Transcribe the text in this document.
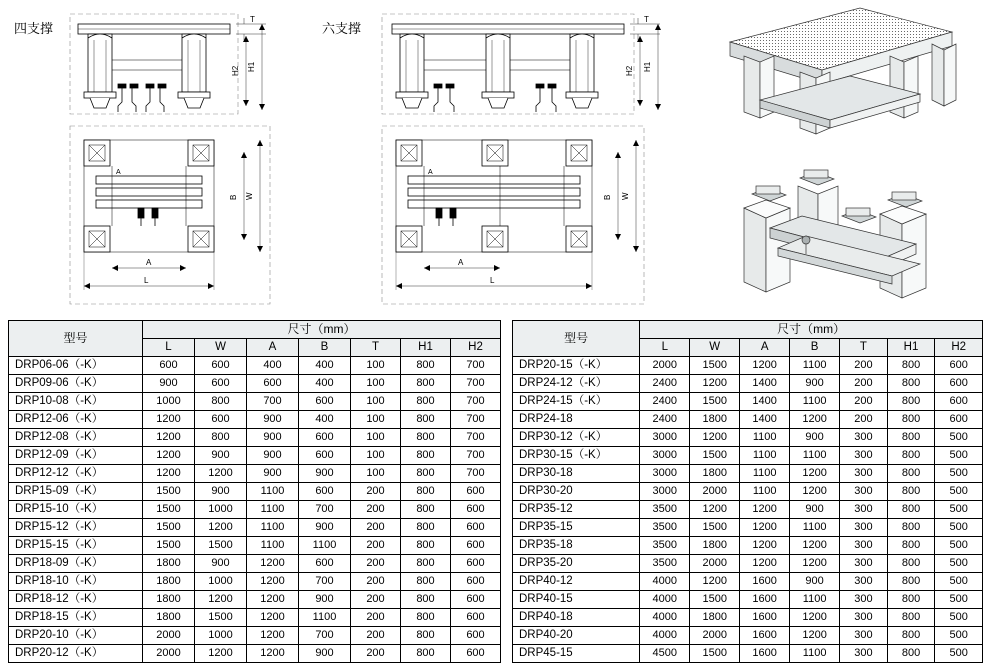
四支撑	六支撑
T
H2 H1
A
B W
A
L
T
H2 H1
A
B W
A
L
型号	尺寸（mm）						
	L	W	A	B	T	H1	H2
DRP06-06（-K）	600	600	400	400	100	800	700
DRP09-06（-K）	900	600	600	400	100	800	700
DRP10-08（-K）	1000	800	700	600	100	800	700
DRP12-06（-K）	1200	600	900	400	100	800	700
DRP12-08（-K）	1200	800	900	600	100	800	700
DRP12-09（-K）	1200	900	900	600	100	800	700
DRP12-12（-K）	1200	1200	900	900	100	800	700
DRP15-09（-K）	1500	900	1100	600	200	800	600
DRP15-10（-K）	1500	1000	1100	700	200	800	600
DRP15-12（-K）	1500	1200	1100	900	200	800	600
DRP15-15（-K）	1500	1500	1100	1100	200	800	600
DRP18-09（-K）	1800	900	1200	600	200	800	600
DRP18-10（-K）	1800	1000	1200	700	200	800	600
DRP18-12（-K）	1800	1200	1200	900	200	800	600
DRP18-15（-K）	1800	1500	1200	1100	200	800	600
DRP20-10（-K）	2000	1000	1200	700	200	800	600
DRP20-12（-K）	2000	1200	1200	900	200	800	600
型号	尺寸（mm）						
	L	W	A	B	T	H1	H2
DRP20-15（-K）	2000	1500	1200	1100	200	800	600
DRP24-12（-K）	2400	1200	1400	900	200	800	600
DRP24-15（-K）	2400	1500	1400	1100	200	800	600
DRP24-18	2400	1800	1400	1200	200	800	600
DRP30-12（-K）	3000	1200	1100	900	300	800	500
DRP30-15（-K）	3000	1500	1100	1100	300	800	500
DRP30-18	3000	1800	1100	1200	300	800	500
DRP30-20	3000	2000	1100	1200	300	800	500
DRP35-12	3500	1200	1200	900	300	800	500
DRP35-15	3500	1500	1200	1100	300	800	500
DRP35-18	3500	1800	1200	1200	300	800	500
DRP35-20	3500	2000	1200	1200	300	800	500
DRP40-12	4000	1200	1600	900	300	800	500
DRP40-15	4000	1500	1600	1100	300	800	500
DRP40-18	4000	1800	1600	1200	300	800	500
DRP40-20	4000	2000	1600	1200	300	800	500
DRP45-15	4500	1500	1600	1100	300	800	500
